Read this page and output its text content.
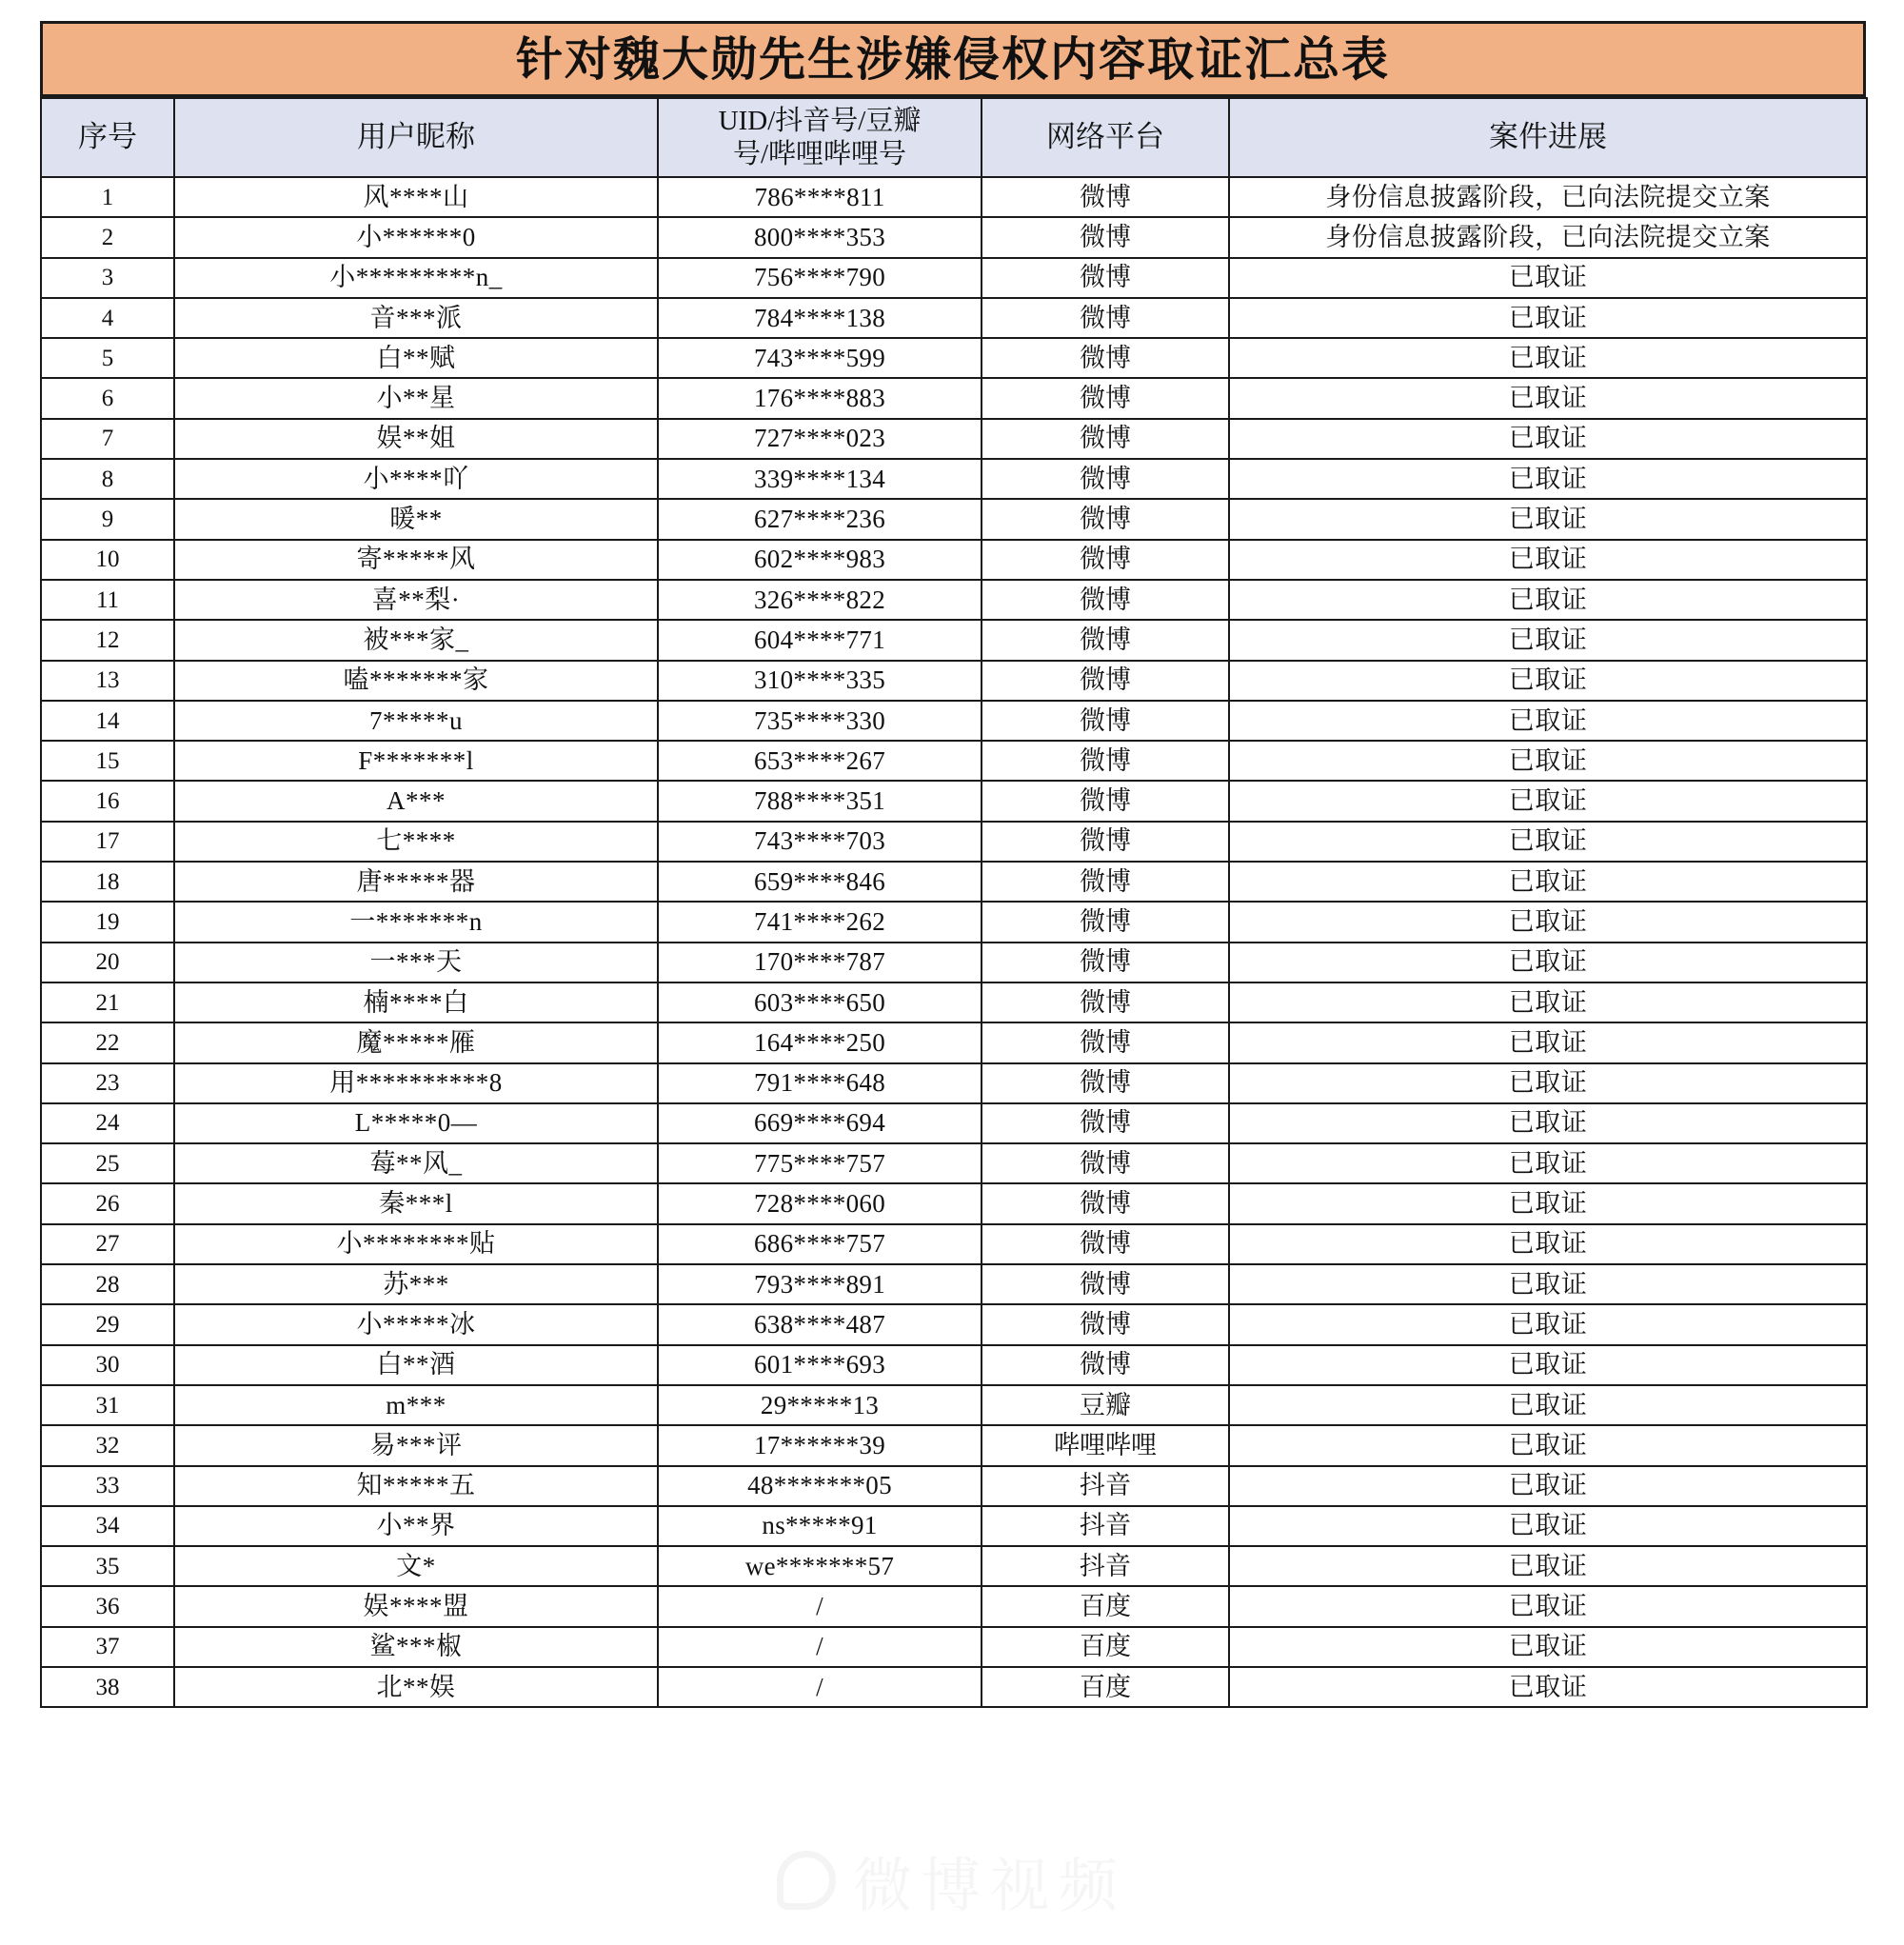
针对魏大勋先生涉嫌侵权内容取证汇总表
序号	用户昵称	UID/抖音号/豆瓣
号/哔哩哔哩号	网络平台	案件进展
1	风****山	786****811	微博	身份信息披露阶段，已向法院提交立案
2	小******0	800****353	微博	身份信息披露阶段，已向法院提交立案
3	小*********n_	756****790	微博	已取证
4	音***派	784****138	微博	已取证
5	白**赋	743****599	微博	已取证
6	小**星	176****883	微博	已取证
7	娱**姐	727****023	微博	已取证
8	小****吖	339****134	微博	已取证
9	暖**	627****236	微博	已取证
10	寄*****风	602****983	微博	已取证
11	喜**梨·	326****822	微博	已取证
12	被***家_	604****771	微博	已取证
13	嗑*******家	310****335	微博	已取证
14	7*****u	735****330	微博	已取证
15	F*******l	653****267	微博	已取证
16	A***	788****351	微博	已取证
17	七****	743****703	微博	已取证
18	唐*****器	659****846	微博	已取证
19	一*******n	741****262	微博	已取证
20	一***天	170****787	微博	已取证
21	楠****白	603****650	微博	已取证
22	魔*****雁	164****250	微博	已取证
23	用**********8	791****648	微博	已取证
24	L*****0—	669****694	微博	已取证
25	莓**风_	775****757	微博	已取证
26	秦***l	728****060	微博	已取证
27	小********贴	686****757	微博	已取证
28	苏***	793****891	微博	已取证
29	小*****冰	638****487	微博	已取证
30	白**酒	601****693	微博	已取证
31	m***	29*****13	豆瓣	已取证
32	易***评	17******39	哔哩哔哩	已取证
33	知*****五	48*******05	抖音	已取证
34	小**界	ns*****91	抖音	已取证
35	文*	we*******57	抖音	已取证
36	娱****盟	/	百度	已取证
37	鲨***椒	/	百度	已取证
38	北**娱	/	百度	已取证
微博视频
